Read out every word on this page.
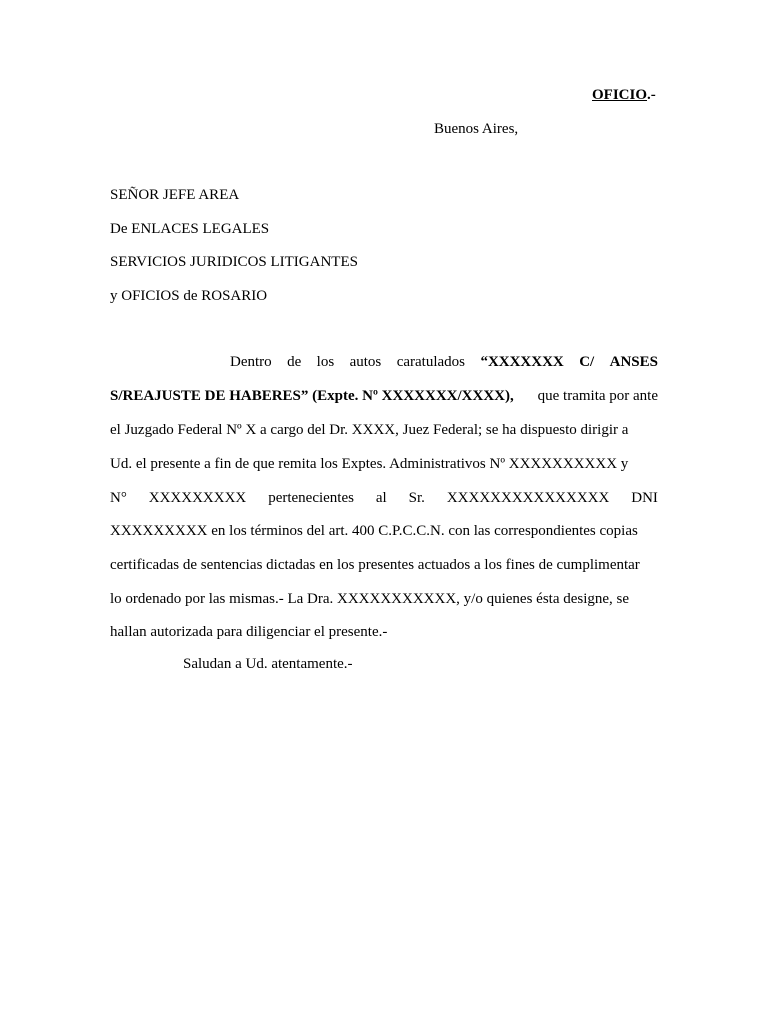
OFICIO.-
Buenos Aires,
SEÑOR JEFE AREA
De ENLACES LEGALES
SERVICIOS JURIDICOS LITIGANTES
y OFICIOS de ROSARIO
Dentro de los autos caratulados “XXXXXXX C/ ANSES
S/REAJUSTE DE HABERES” (Expte. Nº XXXXXXX/XXXX), que tramita por ante
el Juzgado Federal Nº X a cargo del Dr. XXXX, Juez Federal; se ha dispuesto dirigir a
Ud. el presente a fin de que remita los Exptes. Administrativos Nº XXXXXXXXXX y
N° XXXXXXXXX pertenecientes al Sr. XXXXXXXXXXXXXXX DNI
XXXXXXXXX en los términos del art. 400 C.P.C.C.N. con las correspondientes copias
certificadas de sentencias dictadas en los presentes actuados a los fines de cumplimentar
lo ordenado por las mismas.- La Dra. XXXXXXXXXXX, y/o quienes ésta designe, se
hallan autorizada para diligenciar el presente.-
Saludan a Ud. atentamente.-
